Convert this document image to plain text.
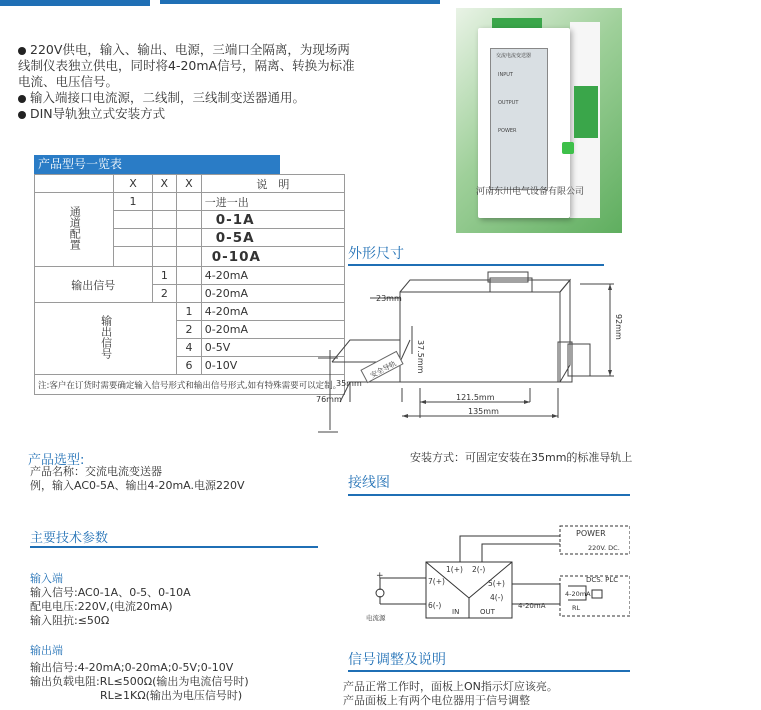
220V供电，输入、输出、电源，三端口全隔离，为现场两线制仪表独立供电，同时将4-20mA信号，隔离、转换为标准电流、电压信号。

输入端接口电流源，二线制，三线制变送器通用。

DIN导轨独立式安装方式

交流电流变送器
INPUT
OUTPUT
POWER
河南东川电气设备有限公司
产品型号一览表
	X	X	X	说　明
通道配置	1			一进一出
				0-1A
				0-5A
				0-10A
输出信号		1		4-20mA
		2		0-20mA
输出信号			1	4-20mA
			2	0-20mA
			4	0-5V
			6	0-10V
注:客户在订货时需要确定输入信号形式和输出信号形式,如有特殊需要可以定制。				
产品选型:
产品名称：交流电流变送器
例，输入AC0-5A、输出4-20mA.电源220V
主要技术参数
输入端
输入信号:AC0-1A、0-5、0-10A
配电电压:220V,(电流20mA)
输入阻抗:≤50Ω
输出端
输出信号:4-20mA;0-20mA;0-5V;0-10V
输出负载电阻:RL≤500Ω(输出为电流信号时)
RL≥1KΩ(输出为电压信号时)
外形尺寸
安全导轨
23mm
37.5mm
35mm
76mm
92mm
121.5mm
135mm
安装方式：可固定安装在35mm的标准导轨上
接线图
POWER
220V. DC.
DCS. PLC
4-20mA
RL
1(+) 2(-)
7(+)
6(-)
5(+)
4(-)
IN	OUT
4-20mA
+
电流源
信号调整及说明
产品正常工作时，面板上ON指示灯应该亮。
产品面板上有两个电位器用于信号调整
